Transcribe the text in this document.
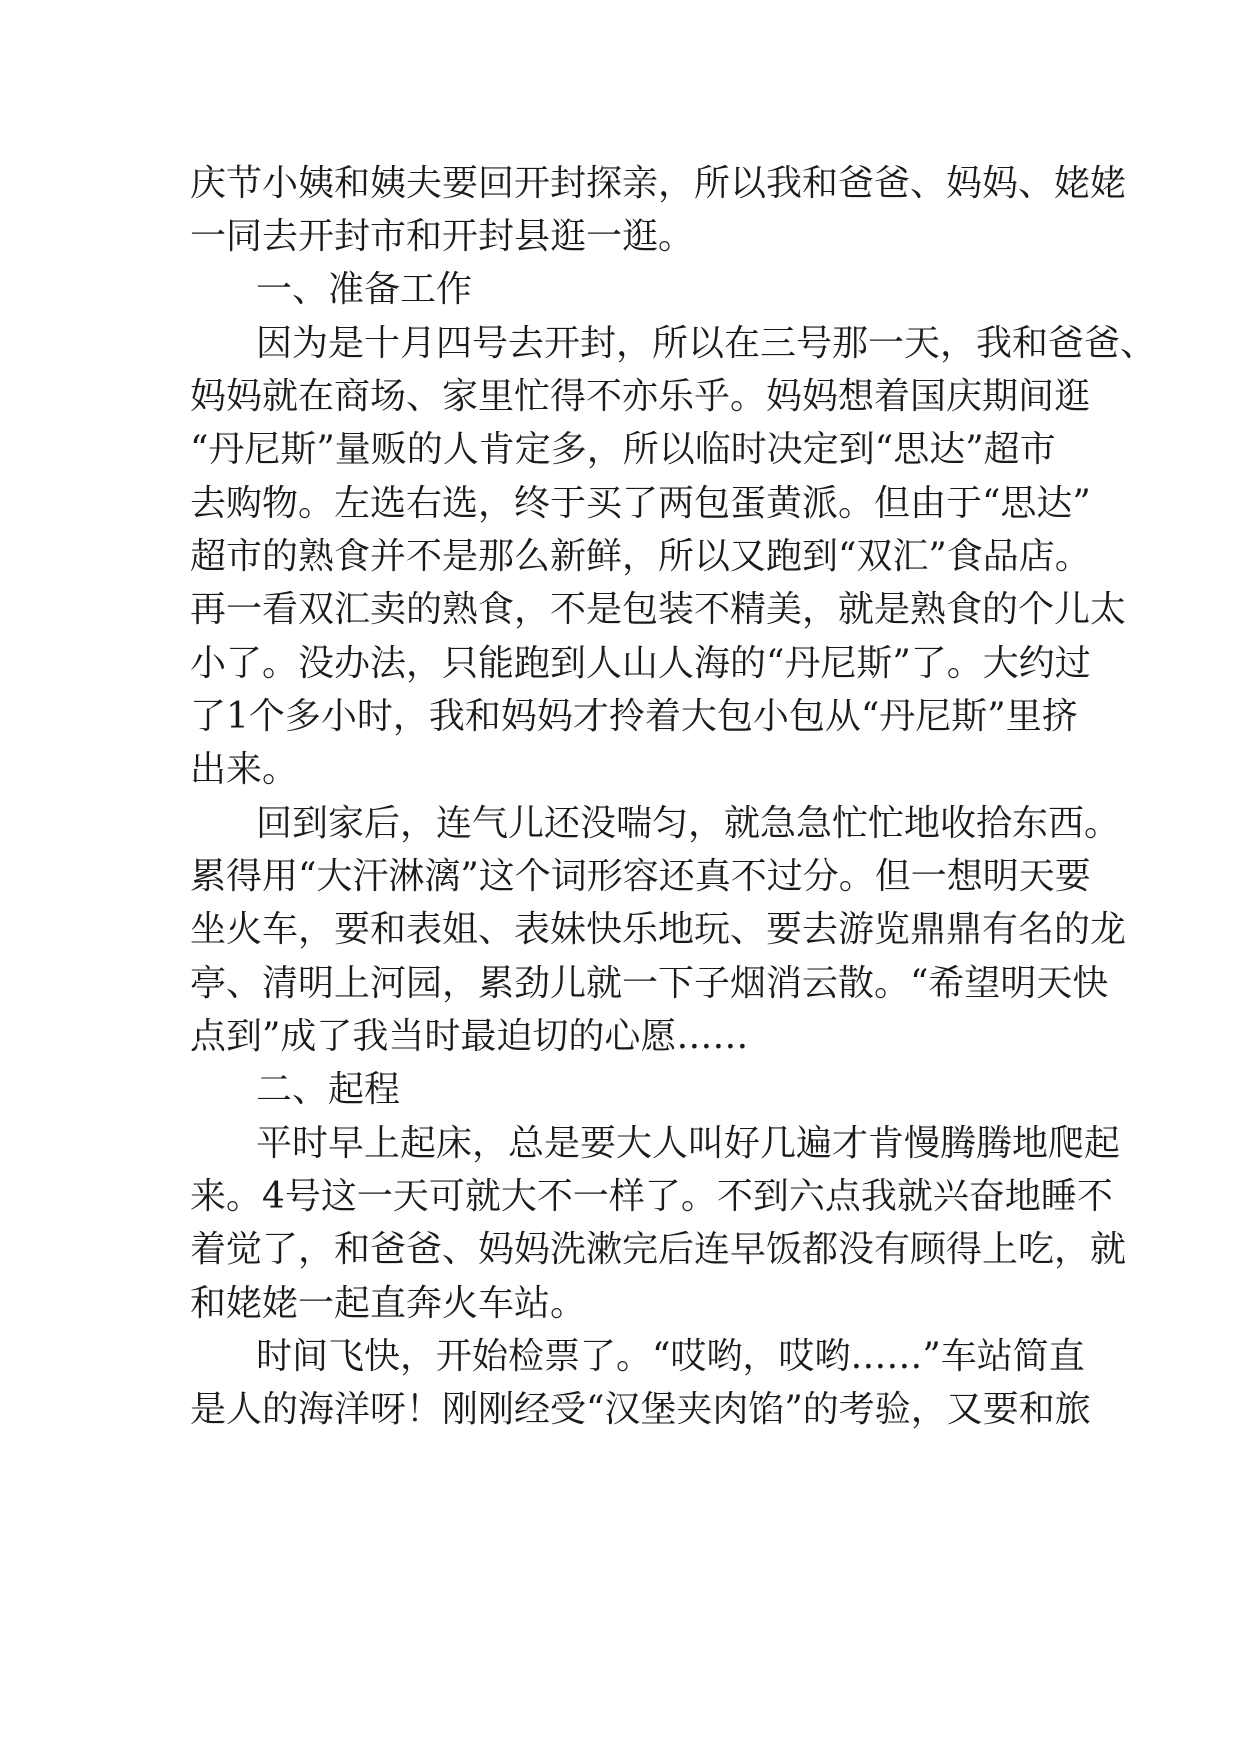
庆节小姨和姨夫要回开封探亲，所以我和爸爸、妈妈、姥姥
一同去开封市和开封县逛一逛。
一、准备工作
因为是十月四号去开封，所以在三号那一天，我和爸爸、
妈妈就在商场、家里忙得不亦乐乎。妈妈想着国庆期间逛
“丹尼斯”量贩的人肯定多，所以临时决定到“思达”超市
去购物。左选右选，终于买了两包蛋黄派。但由于“思达”
超市的熟食并不是那么新鲜，所以又跑到“双汇”食品店。
再一看双汇卖的熟食，不是包装不精美，就是熟食的个儿太
小了。没办法，只能跑到人山人海的“丹尼斯”了。大约过
了1个多小时，我和妈妈才拎着大包小包从“丹尼斯”里挤
出来。
回到家后，连气儿还没喘匀，就急急忙忙地收拾东西。
累得用“大汗淋漓”这个词形容还真不过分。但一想明天要
坐火车，要和表姐、表妹快乐地玩、要去游览鼎鼎有名的龙
亭、清明上河园，累劲儿就一下子烟消云散。“希望明天快
点到”成了我当时最迫切的心愿……
二、起程
平时早上起床，总是要大人叫好几遍才肯慢腾腾地爬起
来。4号这一天可就大不一样了。不到六点我就兴奋地睡不
着觉了，和爸爸、妈妈洗漱完后连早饭都没有顾得上吃，就
和姥姥一起直奔火车站。
时间飞快，开始检票了。“哎哟，哎哟……”车站简直
是人的海洋呀！刚刚经受“汉堡夹肉馅”的考验，又要和旅
